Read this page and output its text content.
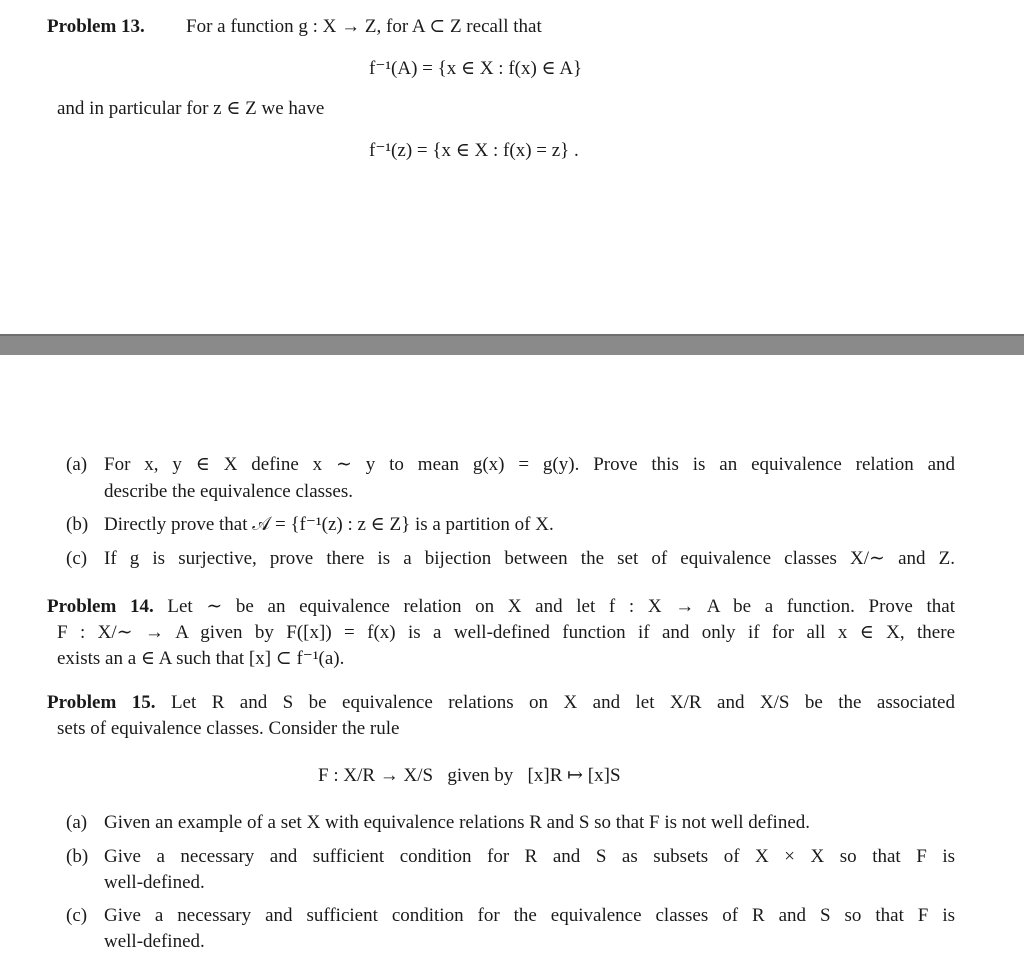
Problem 13. For a function g : X → Z, for A ⊂ Z recall that
f⁻¹(A) = {x ∈ X : f(x) ∈ A}
and in particular for z ∈ Z we have
f⁻¹(z) = {x ∈ X : f(x) = z} .
(a) For x, y ∈ X define x ∼ y to mean g(x) = g(y). Prove this is an equivalence relation and
describe the equivalence classes.
(b) Directly prove that 𝒜 = {f⁻¹(z) : z ∈ Z} is a partition of X.
(c) If g is surjective, prove there is a bijection between the set of equivalence classes X/∼ and Z.
Problem 14. Let ∼ be an equivalence relation on X and let f : X → A be a function. Prove that
F : X/∼ → A given by F([x]) = f(x) is a well-defined function if and only if for all x ∈ X, there
exists an a ∈ A such that [x] ⊂ f⁻¹(a).
Problem 15. Let R and S be equivalence relations on X and let X/R and X/S be the associated
sets of equivalence classes. Consider the rule
F : X/R → X/S   given by   [x]R ↦ [x]S
(a) Given an example of a set X with equivalence relations R and S so that F is not well defined.
(b) Give a necessary and sufficient condition for R and S as subsets of X × X so that F is
well-defined.
(c) Give a necessary and sufficient condition for the equivalence classes of R and S so that F is
well-defined.
